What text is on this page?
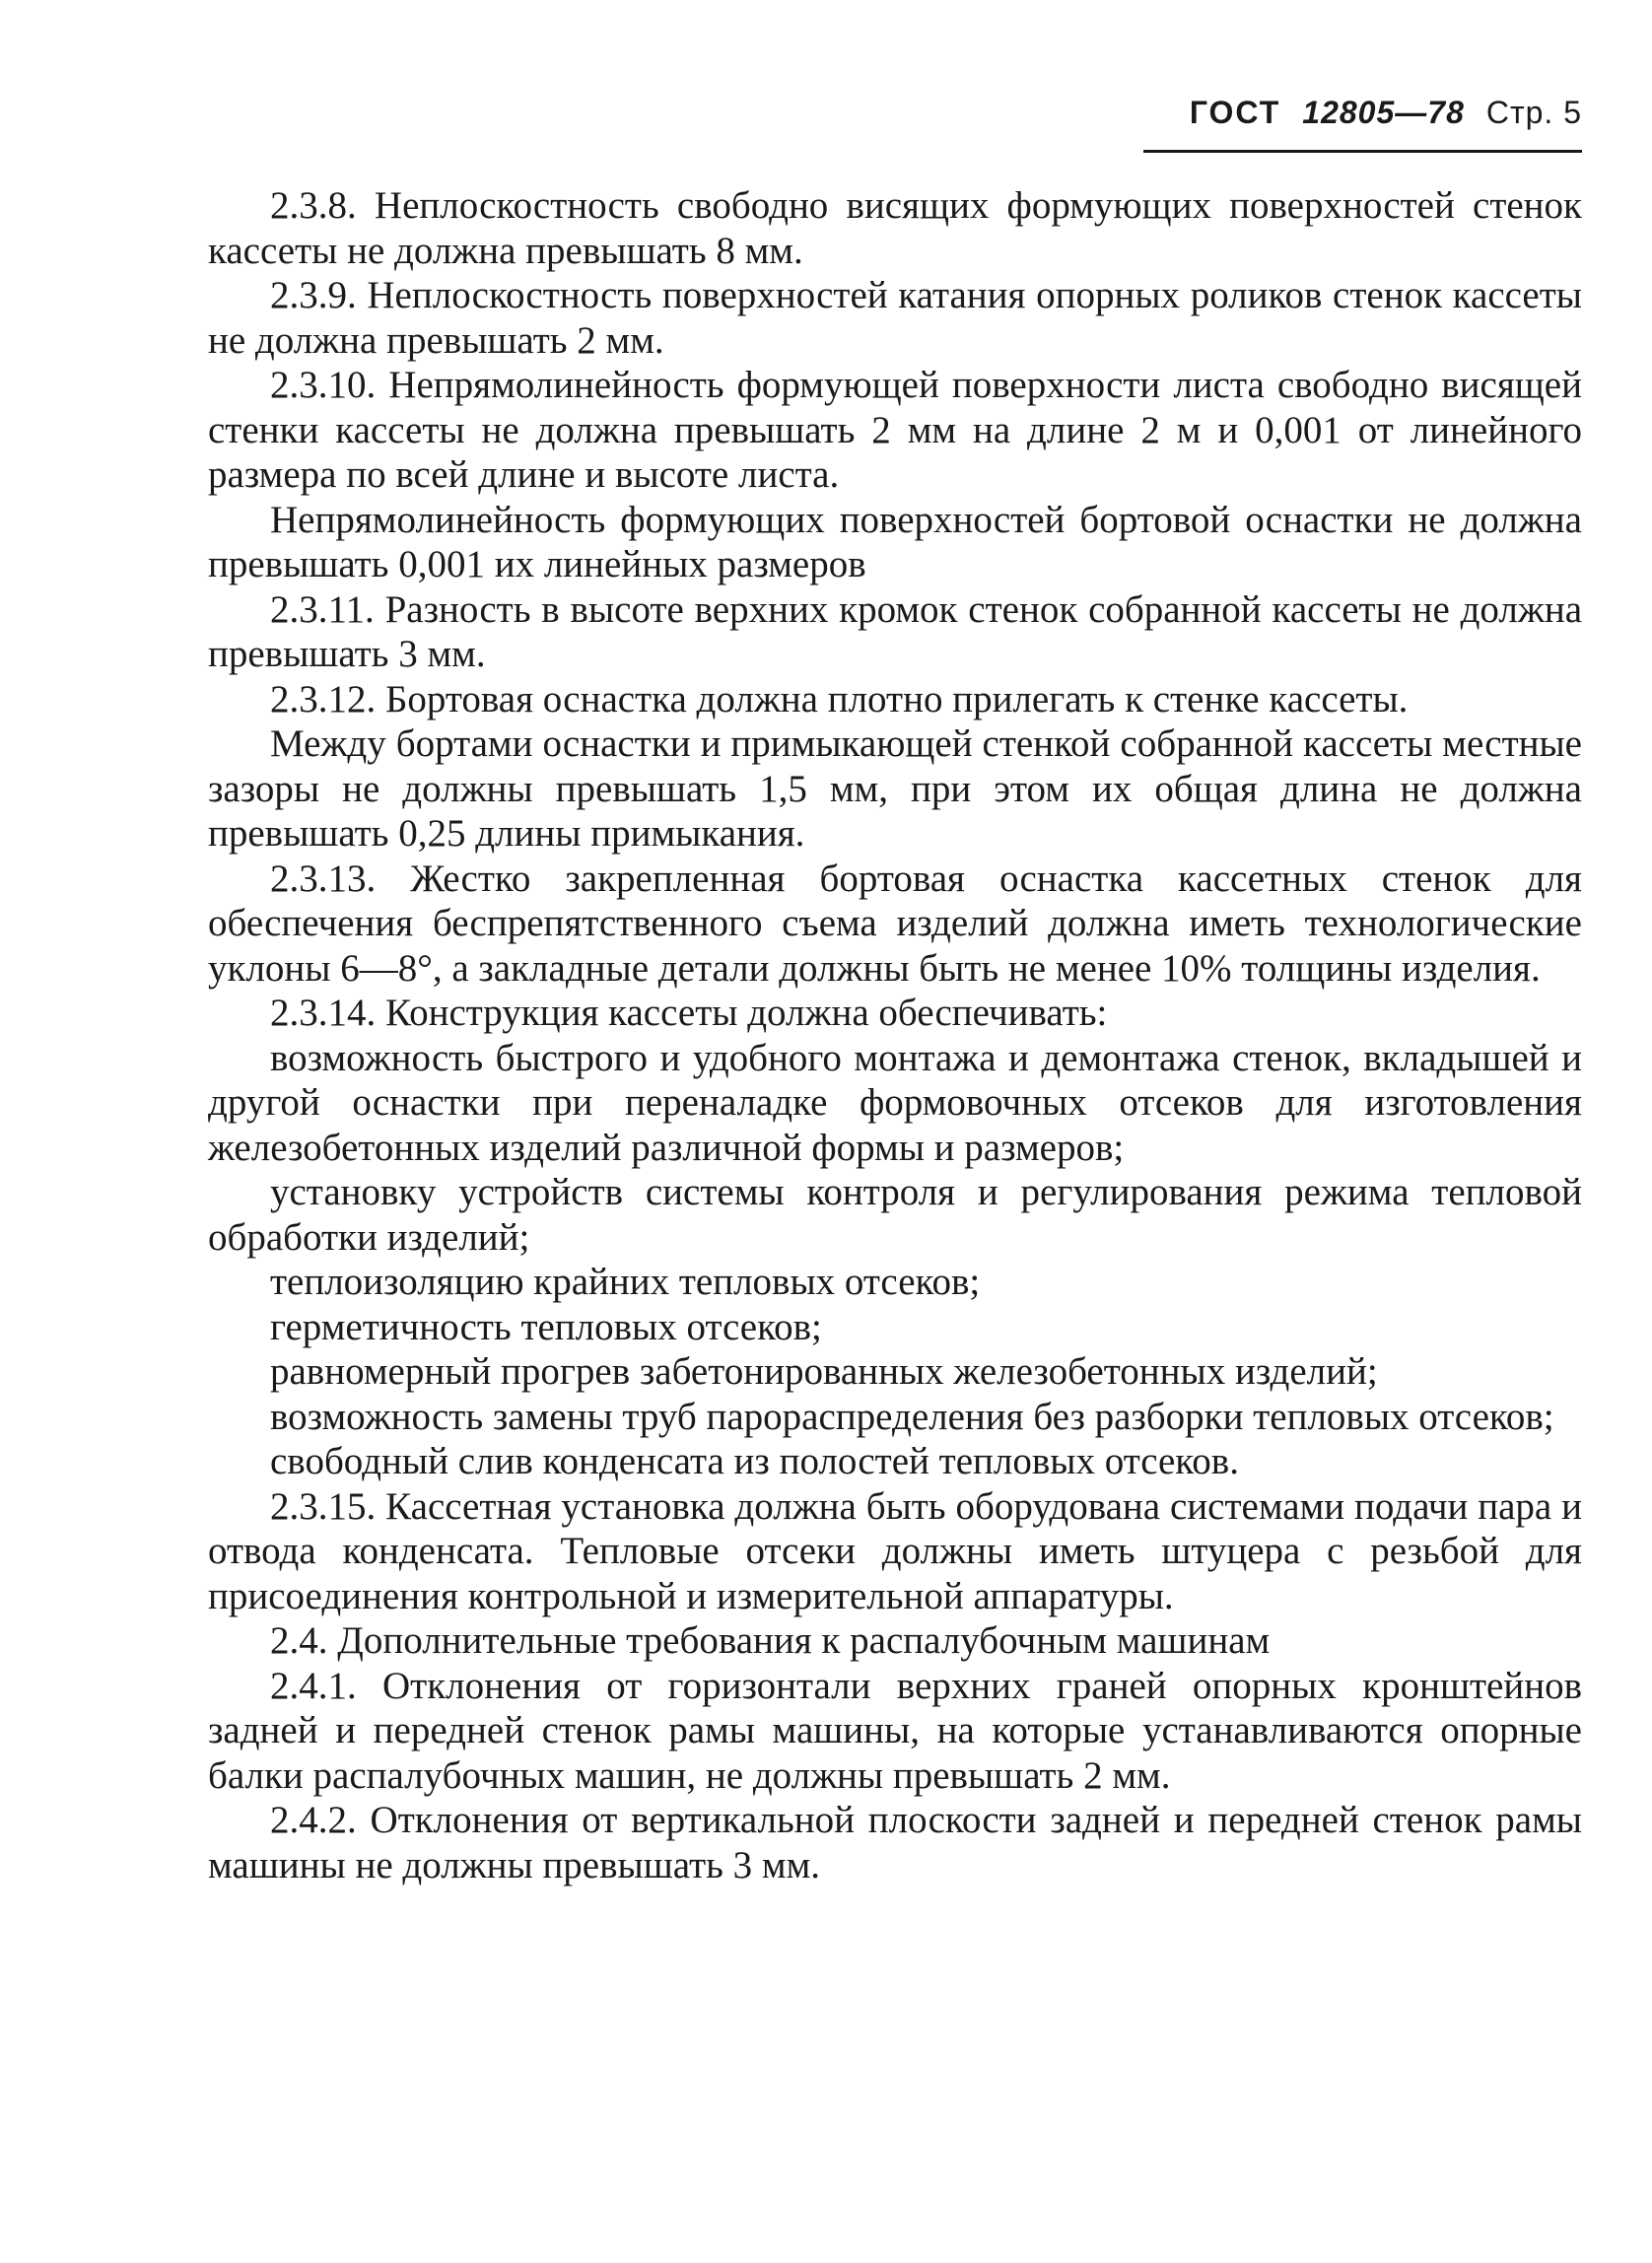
ГОСТ 12805—78 Стр. 5

2.3.8. Неплоскостность свободно висящих формующих поверхностей стенок кассеты не должна превышать 8 мм.

2.3.9. Неплоскостность поверхностей катания опорных роликов стенок кассеты не должна превышать 2 мм.

2.3.10. Непрямолинейность формующей поверхности листа свободно висящей стенки кассеты не должна превышать 2 мм на длине 2 м и 0,001 от линейного размера по всей длине и высоте листа.

Непрямолинейность формующих поверхностей бортовой оснастки не должна превышать 0,001 их линейных размеров

2.3.11. Разность в высоте верхних кромок стенок собранной кассеты не должна превышать 3 мм.

2.3.12. Бортовая оснастка должна плотно прилегать к стенке кассеты.

Между бортами оснастки и примыкающей стенкой собранной кассеты местные зазоры не должны превышать 1,5 мм, при этом их общая длина не должна превышать 0,25 длины примыкания.

2.3.13. Жестко закрепленная бортовая оснастка кассетных стенок для обеспечения беспрепятственного съема изделий должна иметь технологические уклоны 6—8°, а закладные детали должны быть не менее 10% толщины изделия.

2.3.14. Конструкция кассеты должна обеспечивать:

возможность быстрого и удобного монтажа и демонтажа стенок, вкладышей и другой оснастки при переналадке формовочных отсеков для изготовления железобетонных изделий различной формы и размеров;

установку устройств системы контроля и регулирования режима тепловой обработки изделий;

теплоизоляцию крайних тепловых отсеков;

герметичность тепловых отсеков;

равномерный прогрев забетонированных железобетонных изделий;

возможность замены труб парораспределения без разборки тепловых отсеков;

свободный слив конденсата из полостей тепловых отсеков.

2.3.15. Кассетная установка должна быть оборудована системами подачи пара и отвода конденсата. Тепловые отсеки должны иметь штуцера с резьбой для присоединения контрольной и измерительной аппаратуры.

2.4. Дополнительные требования к распалубочным машинам

2.4.1. Отклонения от горизонтали верхних граней опорных кронштейнов задней и передней стенок рамы машины, на которые устанавливаются опорные балки распалубочных машин, не должны превышать 2 мм.

2.4.2. Отклонения от вертикальной плоскости задней и передней стенок рамы машины не должны превышать 3 мм.
